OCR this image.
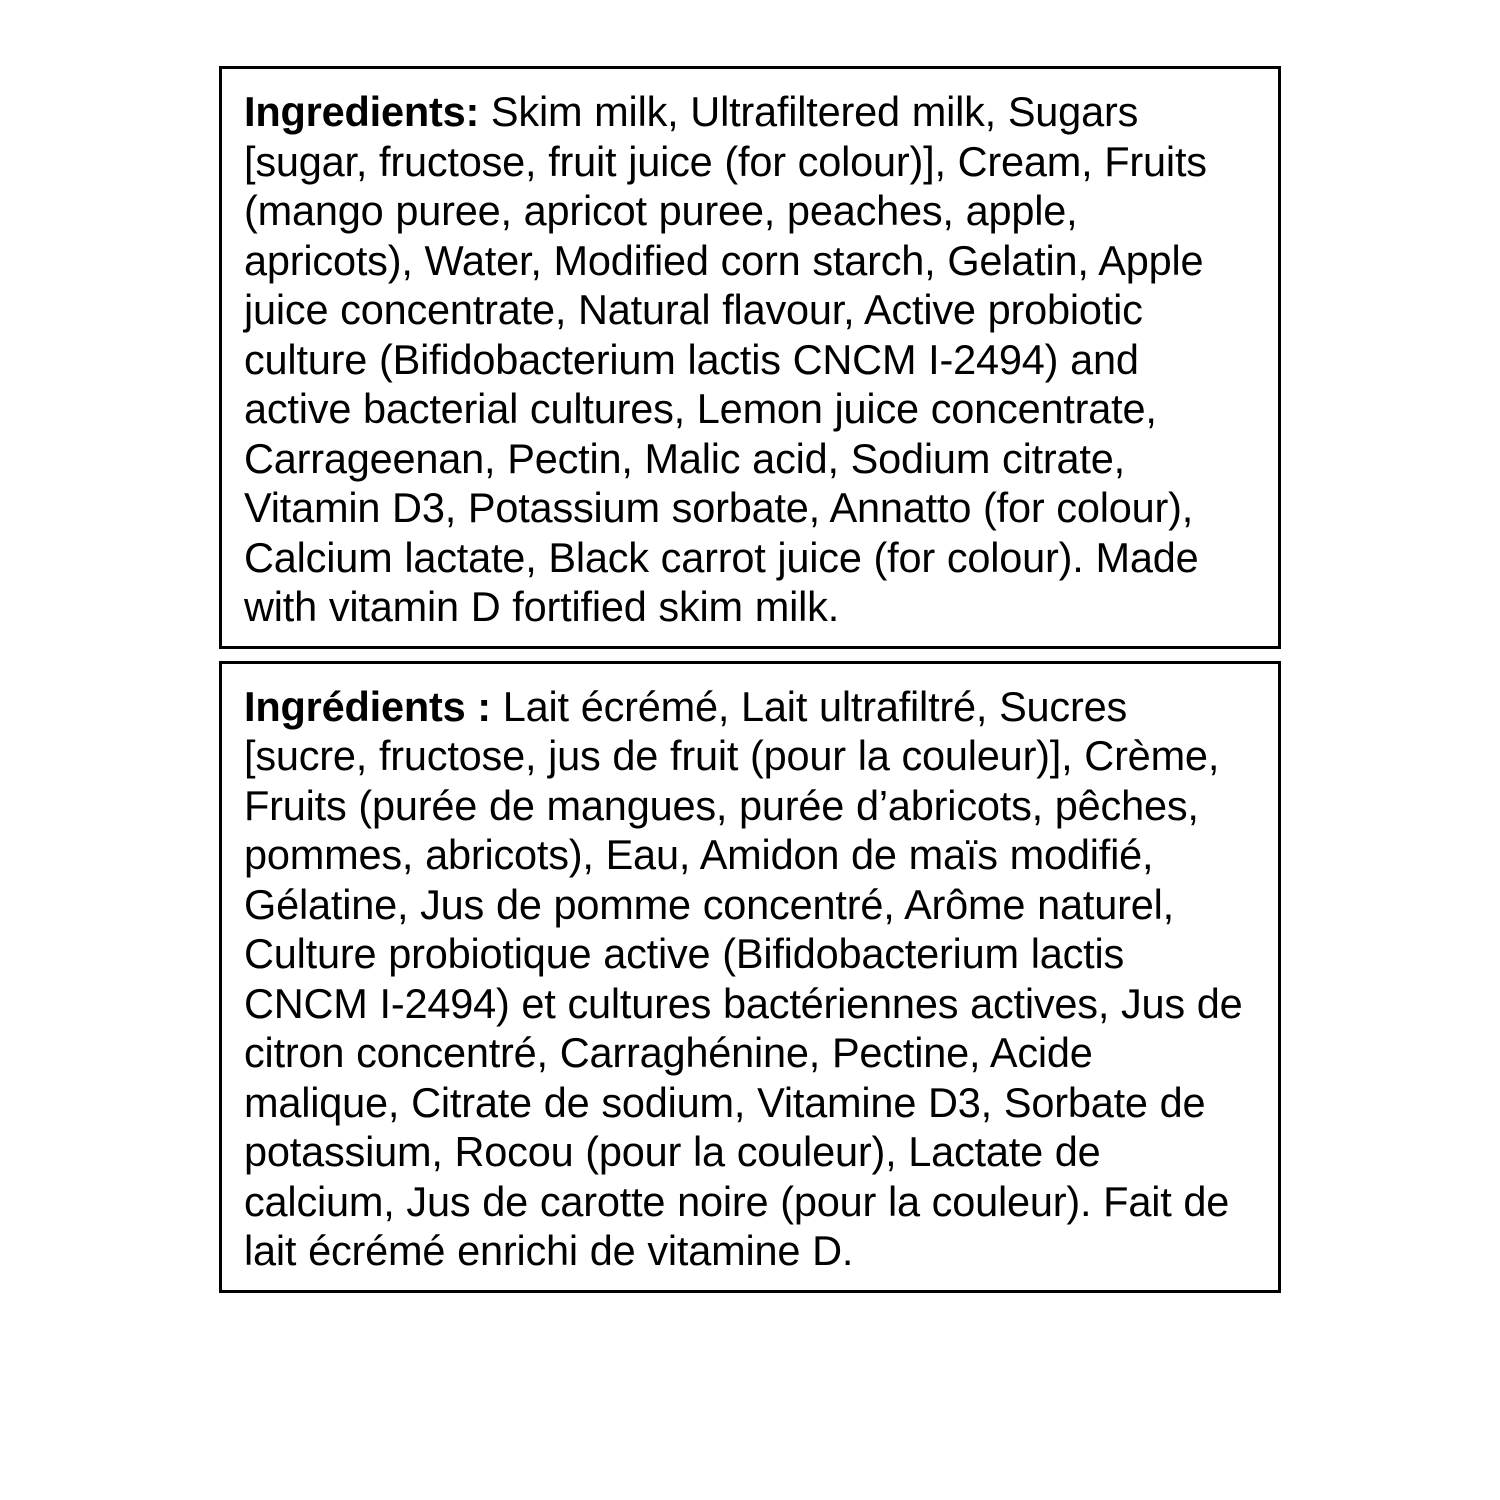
Ingredients: Skim milk, Ultrafiltered milk, Sugars [sugar, fructose, fruit juice (for colour)], Cream, Fruits (mango puree, apricot puree, peaches, apple, apricots), Water, Modified corn starch, Gelatin, Apple juice concentrate, Natural flavour, Active probiotic culture (Bifidobacterium lactis CNCM I-2494) and active bacterial cultures, Lemon juice concentrate, Carrageenan, Pectin, Malic acid, Sodium citrate, Vitamin D3, Potassium sorbate, Annatto (for colour), Calcium lactate, Black carrot juice (for colour). Made with vitamin D fortified skim milk.

Ingrédients : Lait écrémé, Lait ultrafiltré, Sucres [sucre, fructose, jus de fruit (pour la couleur)], Crème, Fruits (purée de mangues, purée d’abricots, pêches, pommes, abricots), Eau, Amidon de maïs modifié, Gélatine, Jus de pomme concentré, Arôme naturel, Culture probiotique active (Bifidobacterium lactis CNCM I-2494) et cultures bactériennes actives, Jus de citron concentré, Carraghénine, Pectine, Acide malique, Citrate de sodium, Vitamine D3, Sorbate de potassium, Rocou (pour la couleur), Lactate de calcium, Jus de carotte noire (pour la couleur). Fait de lait écrémé enrichi de vitamine D.
